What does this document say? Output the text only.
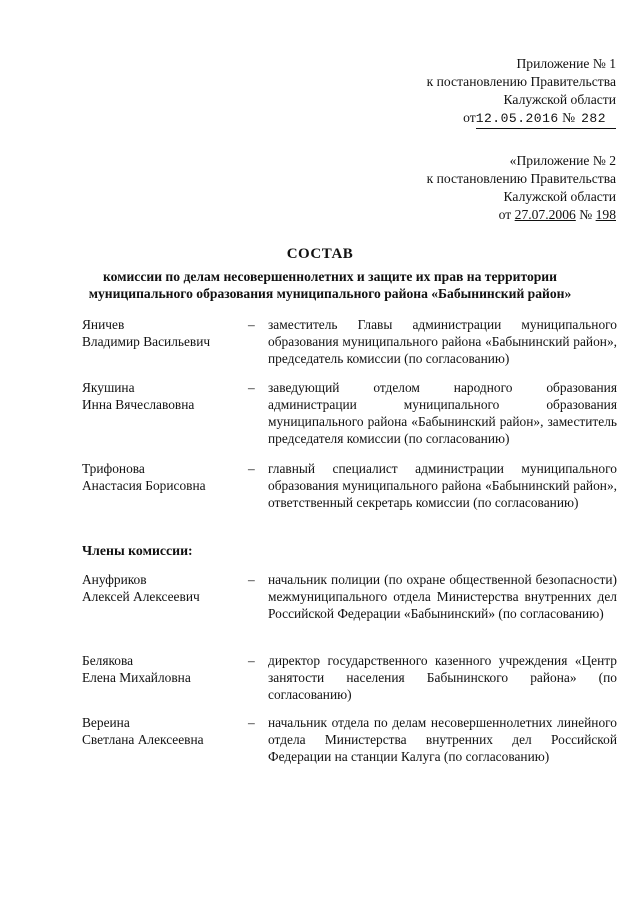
Приложение № 1
к постановлению Правительства
Калужской области
от12.05.2016 № 282
«Приложение № 2
к постановлению Правительства
Калужской области
от 27.07.2006 № 198
СОСТАВ
комиссии по делам несовершеннолетних и защите их прав на территории муниципального образования муниципального района «Бабынинский район»
Яничев
Владимир Васильевич
– заместитель Главы администрации муниципального образования муниципального района «Бабынинский район», председатель комиссии (по согласованию)
Якушина
Инна Вячеславовна
– заведующий отделом народного образования администрации муниципального образования муниципального района «Бабынинский район», заместитель председателя комиссии (по согласованию)
Трифонова
Анастасия Борисовна
– главный специалист администрации муниципального образования муниципального района «Бабынинский район», ответственный секретарь комиссии (по согласованию)
Члены комиссии:
Ануфриков
Алексей Алексеевич
– начальник полиции (по охране общественной безопасности) межмуниципального отдела Министерства внутренних дел Российской Федерации «Бабынинский» (по согласованию)
Белякова
Елена Михайловна
– директор государственного казенного учреждения «Центр занятости населения Бабынинского района» (по согласованию)
Вереина
Светлана Алексеевна
– начальник отдела по делам несовершеннолетних линейного отдела Министерства внутренних дел Российской Федерации на станции Калуга (по согласованию)
